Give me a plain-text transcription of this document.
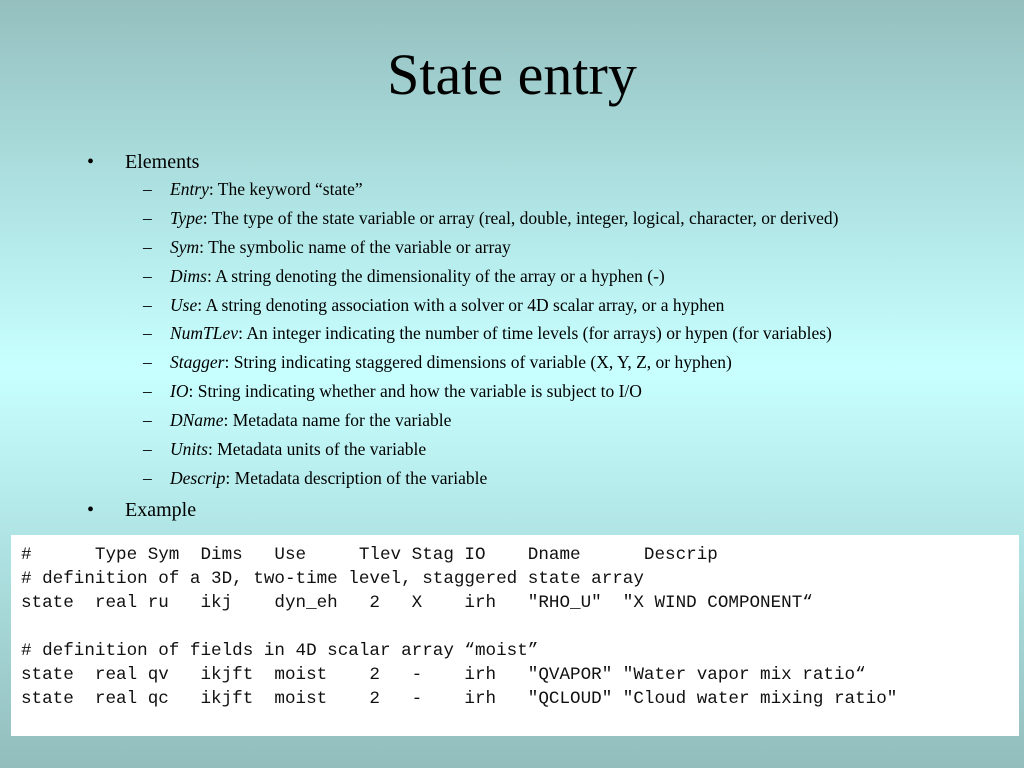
State entry
• Elements
– Entry: The keyword “state”
– Type: The type of the state variable or array (real, double, integer, logical, character, or derived)
– Sym: The symbolic name of the variable or array
– Dims: A string denoting the dimensionality of the array or a hyphen (-)
– Use: A string denoting association with a solver or 4D scalar array, or a hyphen
– NumTLev: An integer indicating the number of time levels (for arrays) or hypen (for variables)
– Stagger: String indicating staggered dimensions of variable (X, Y, Z, or hyphen)
– IO: String indicating whether and how the variable is subject to I/O
– DName: Metadata name for the variable
– Units: Metadata units of the variable
– Descrip: Metadata description of the variable
• Example
#      Type Sym  Dims   Use     Tlev Stag IO    Dname      Descrip
# definition of a 3D, two-time level, staggered state array
state  real ru   ikj    dyn_eh   2   X    irh   "RHO_U"  "X WIND COMPONENT“
# definition of fields in 4D scalar array “moist”
state  real qv   ikjft  moist    2   -    irh   "QVAPOR" "Water vapor mix ratio“
state  real qc   ikjft  moist    2   -    irh   "QCLOUD" "Cloud water mixing ratio"
